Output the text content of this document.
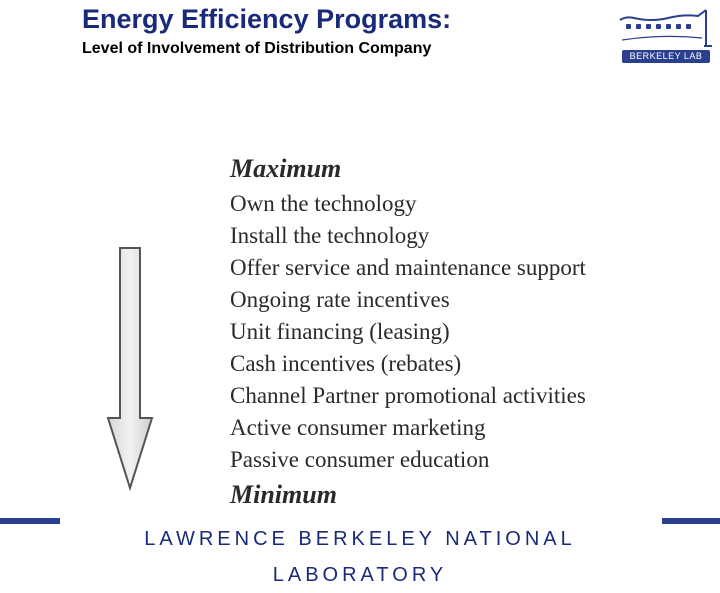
Energy Efficiency Programs:
Level of Involvement of Distribution Company	BERKELEY LAB
Maximum
Own the technology
Install the technology
Offer service and maintenance support
Ongoing rate incentives
Unit financing (leasing)
Cash incentives (rebates)
Channel Partner promotional activities
Active consumer marketing
Passive consumer education
Minimum
LAWRENCE BERKELEY NATIONAL LABORATORY
